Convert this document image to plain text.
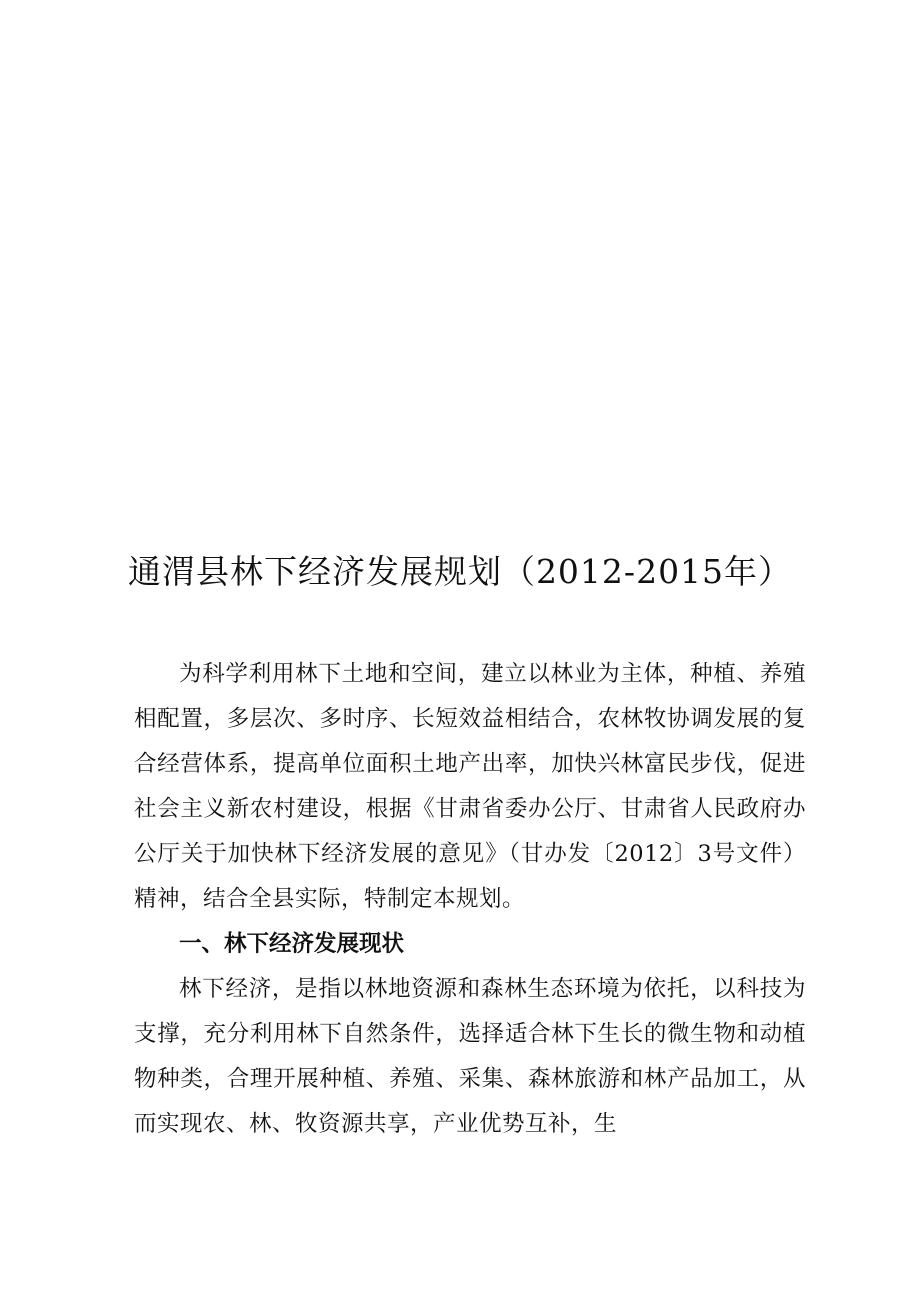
通渭县林下经济发展规划（2012-2015年）

为科学利用林下土地和空间，建立以林业为主体，种植、养殖相配置，多层次、多时序、长短效益相结合，农林牧协调发展的复合经营体系，提高单位面积土地产出率，加快兴林富民步伐，促进社会主义新农村建设，根据《甘肃省委办公厅、甘肃省人民政府办公厅关于加快林下经济发展的意见》（甘办发〔2012〕3号文件）精神，结合全县实际，特制定本规划。

一、林下经济发展现状

林下经济，是指以林地资源和森林生态环境为依托，以科技为支撑，充分利用林下自然条件，选择适合林下生长的微生物和动植物种类，合理开展种植、养殖、采集、森林旅游和林产品加工，从而实现农、林、牧资源共享，产业优势互补，生
